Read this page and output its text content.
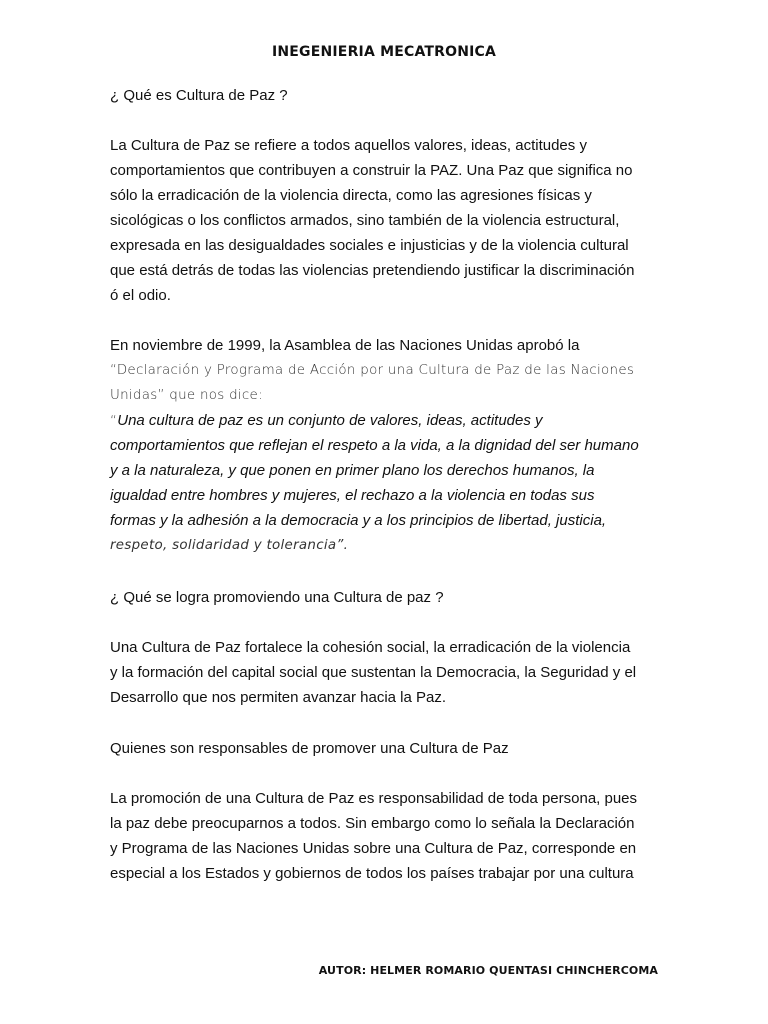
INEGENIERIA MECATRONICA
¿ Qué es Cultura de Paz ?
La Cultura de Paz se refiere a todos aquellos valores, ideas, actitudes y
comportamientos que contribuyen a construir la PAZ. Una Paz que significa no
sólo la erradicación de la violencia directa, como las agresiones físicas y
sicológicas o los conflictos armados, sino también de la violencia estructural,
expresada en las desigualdades sociales e injusticias y de la violencia cultural
que está detrás de todas las violencias pretendiendo justificar la discriminación
ó el odio.
En noviembre de 1999, la Asamblea de las Naciones Unidas aprobó la
“Declaración y Programa de Acción por una Cultura de Paz de las Naciones
Unidas” que nos dice:
“Una cultura de paz es un conjunto de valores, ideas, actitudes y
comportamientos que reflejan el respeto a la vida, a la dignidad del ser humano
y a la naturaleza, y que ponen en primer plano los derechos humanos, la
igualdad entre hombres y mujeres, el rechazo a la violencia en todas sus
formas y la adhesión a la democracia y a los principios de libertad, justicia,
respeto, solidaridad y tolerancia”.
¿ Qué se logra promoviendo una Cultura de paz ?
Una Cultura de Paz fortalece la cohesión social, la erradicación de la violencia
y la formación del capital social que sustentan la Democracia, la Seguridad y el
Desarrollo que nos permiten avanzar hacia la Paz.
Quienes son responsables de promover una Cultura de Paz
La promoción de una Cultura de Paz es responsabilidad de toda persona, pues
la paz debe preocuparnos a todos. Sin embargo como lo señala la Declaración
y Programa de las Naciones Unidas sobre una Cultura de Paz, corresponde en
especial a los Estados y gobiernos de todos los países trabajar por una cultura
AUTOR: HELMER ROMARIO QUENTASI CHINCHERCOMA
